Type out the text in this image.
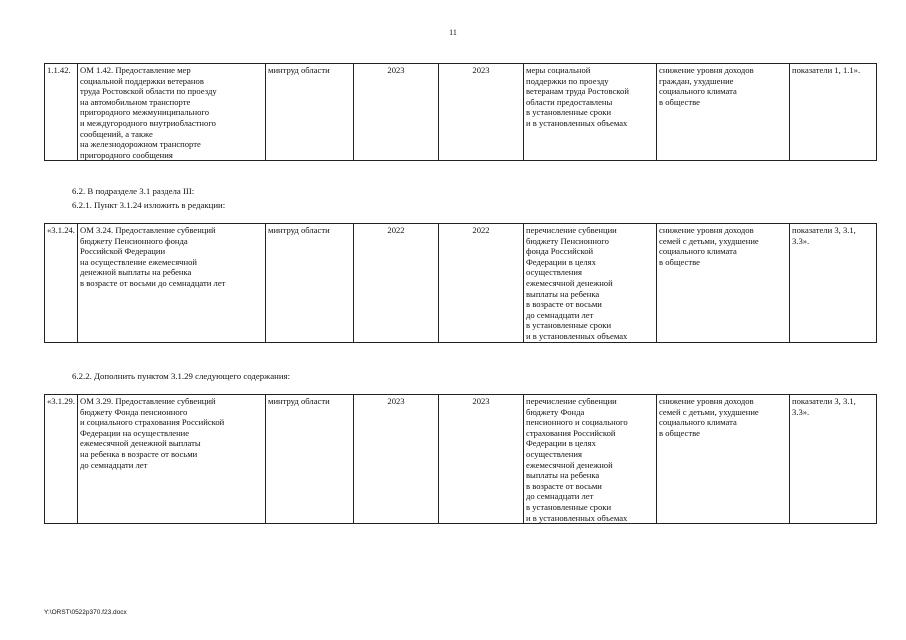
11
1.1.42.	ОМ 1.42. Предоставление мер
социальной поддержки ветеранов
труда Ростовской области по проезду
на автомобильном транспорте
пригородного межмуниципального
и междугородного внутриобластного
сообщений, а также
на железнодорожном транспорте
пригородного сообщения
	минтруд области	2023	2023	меры социальной
поддержки по проезду
ветеранам труда Ростовской
области предоставлены
в установленные сроки
и в установленных объемах

снижение уровня доходов
граждан, ухудшение
социального климата
в обществе

показатели 1, 1.1».
6.2. В подразделе 3.1 раздела III:
6.2.1. Пункт 3.1.24 изложить в редакции:
«3.1.24.	ОМ 3.24. Предоставление субвенций
бюджету Пенсионного фонда
Российской Федерации
на осуществление ежемесячной
денежной выплаты на ребенка
в возрасте от восьми до семнадцати лет
	минтруд области	2022	2022	перечисление субвенции
бюджету Пенсионного
фонда Российской
Федерации в целях
осуществления
ежемесячной денежной
выплаты на ребенка
в возрасте от восьми
до семнадцати лет
в установленные сроки
и в установленных объемах

снижение уровня доходов
семей с детьми, ухудшение
социального климата
в обществе

показатели 3, 3.1,
3.3».
6.2.2. Дополнить пунктом 3.1.29 следующего содержания:
«3.1.29.	ОМ 3.29. Предоставление субвенций
бюджету Фонда пенсионного
и социального страхования Российской
Федерации на осуществление
ежемесячной денежной выплаты
на ребенка в возрасте от восьми
до семнадцати лет
	минтруд области	2023	2023	перечисление субвенции
бюджету Фонда
пенсионного и социального
страхования Российской
Федерации в целях
осуществления
ежемесячной денежной
выплаты на ребенка
в возрасте от восьми
до семнадцати лет
в установленные сроки
и в установленных объемах

снижение уровня доходов
семей с детьми, ухудшение
социального климата
в обществе

показатели 3, 3.1,
3.3».
Y:\ORST\0522p370.f23.docx
